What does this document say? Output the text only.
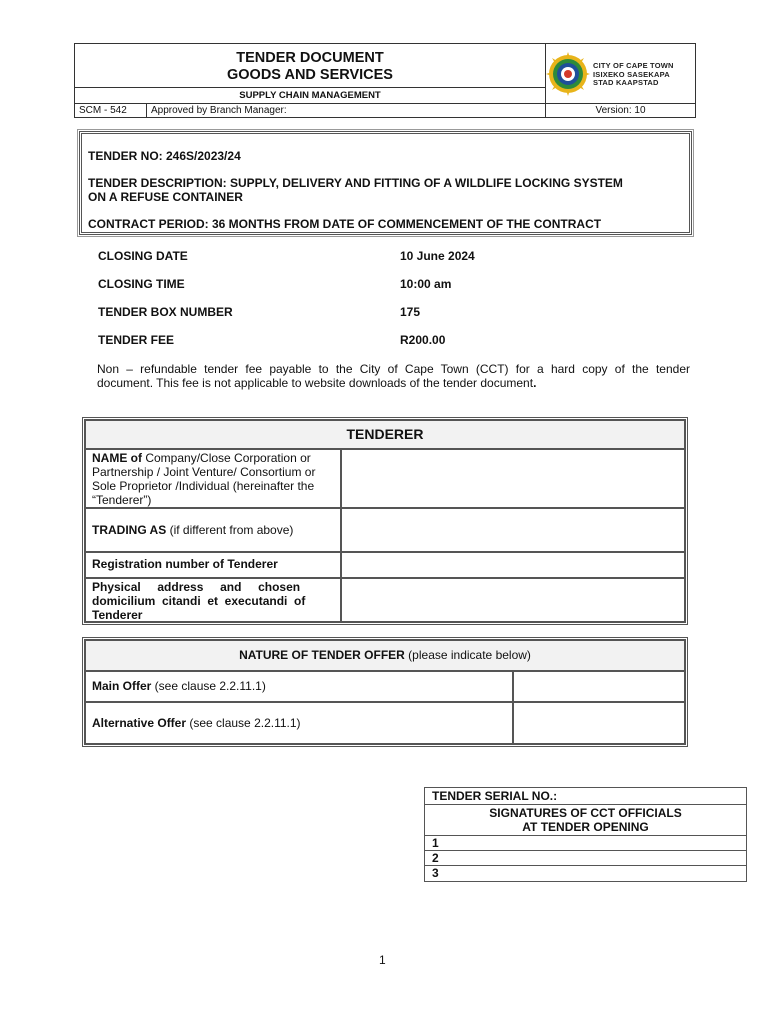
TENDER DOCUMENT
GOODS AND SERVICES
SUPPLY CHAIN MANAGEMENT
CITY OF CAPE TOWN
ISIXEKO SASEKAPA
STAD KAAPSTAD
SCM - 542	Approved by Branch Manager:	Version: 10

TENDER NO: 246S/2023/24

TENDER DESCRIPTION: SUPPLY, DELIVERY AND FITTING OF A WILDLIFE LOCKING SYSTEM

ON A REFUSE CONTAINER

CONTRACT PERIOD: 36 MONTHS FROM DATE OF COMMENCEMENT OF THE CONTRACT

CLOSING DATE	10 June 2024
CLOSING TIME	10:00 am
TENDER BOX NUMBER	175
TENDER FEE	R200.00
Non – refundable tender fee payable to the City of Cape Town (CCT) for a hard copy of the tender
document. This fee is not applicable to website downloads of the tender document.
TENDERER
NAME of Company/Close Corporation or
Partnership / Joint Venture/ Consortium or
Sole Proprietor /Individual (hereinafter the
“Tenderer”)
TRADING AS (if different from above)
Registration number of Tenderer
Physical     address     and     chosen
domicilium  citandi  et  executandi  of
Tenderer
NATURE OF TENDER OFFER (please indicate below)
Main Offer (see clause 2.2.11.1)
Alternative Offer (see clause 2.2.11.1)
TENDER SERIAL NO.:
SIGNATURES OF CCT OFFICIALS
AT TENDER OPENING
1
2
3
1
